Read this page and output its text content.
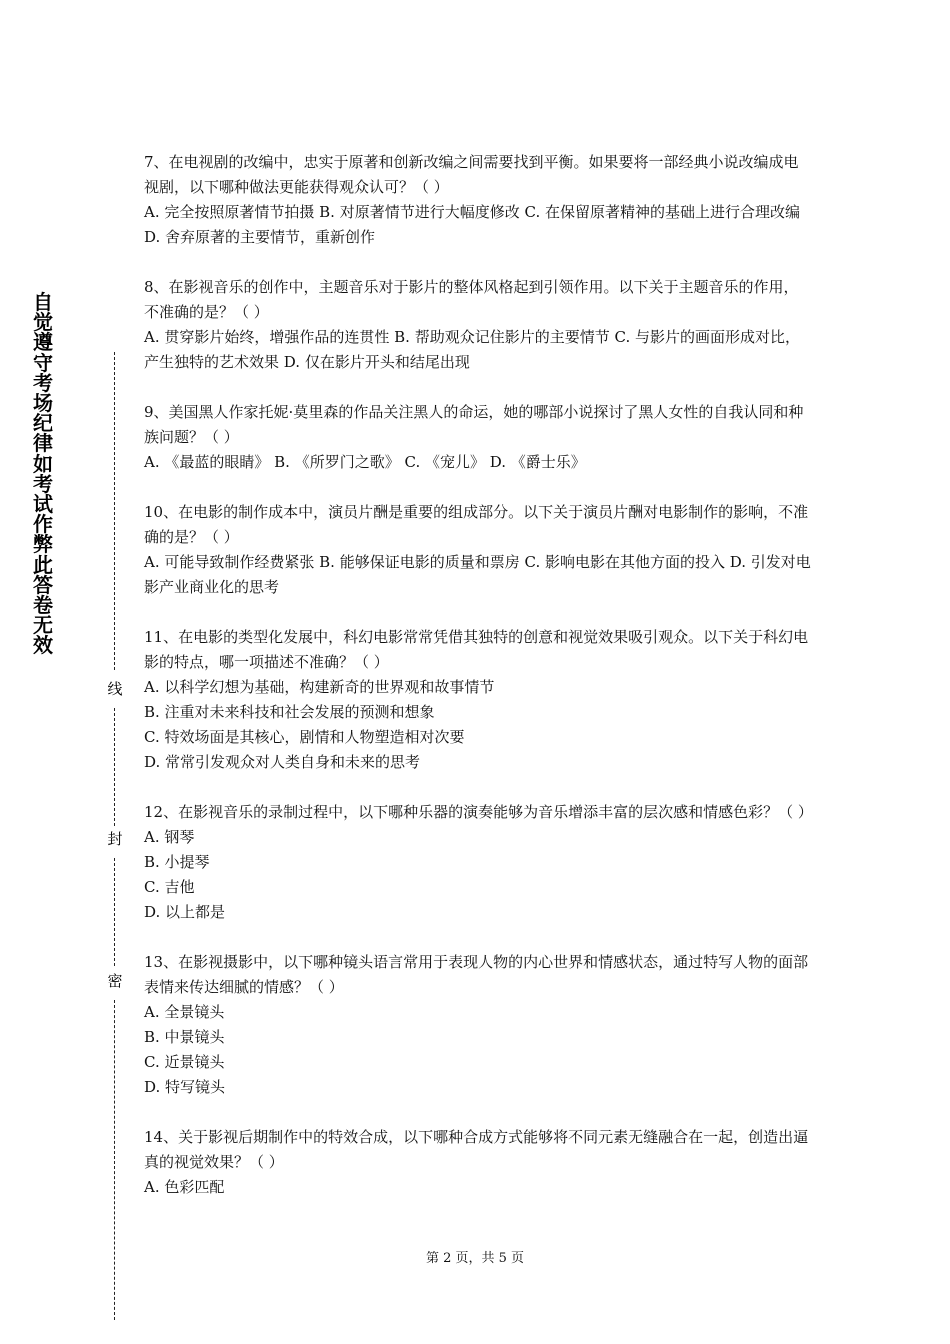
自
觉
遵
守
考
场
纪
律
如
考
试
作
弊
此
答
卷
无
效
线
封
密

7、在电视剧的改编中，忠实于原著和创新改编之间需要找到平衡。如果要将一部经典小说改编成电视剧，以下哪种做法更能获得观众认可？（ ）

A. 完全按照原著情节拍摄 B. 对原著情节进行大幅度修改 C. 在保留原著精神的基础上进行合理改编 D. 舍弃原著的主要情节，重新创作

8、在影视音乐的创作中，主题音乐对于影片的整体风格起到引领作用。以下关于主题音乐的作用，不准确的是？（ ）

A. 贯穿影片始终，增强作品的连贯性 B. 帮助观众记住影片的主要情节 C. 与影片的画面形成对比，产生独特的艺术效果 D. 仅在影片开头和结尾出现

9、美国黑人作家托妮·莫里森的作品关注黑人的命运，她的哪部小说探讨了黑人女性的自我认同和种族问题？（ ）

A. 《最蓝的眼睛》 B. 《所罗门之歌》 C. 《宠儿》 D. 《爵士乐》

10、在电影的制作成本中，演员片酬是重要的组成部分。以下关于演员片酬对电影制作的影响，不准确的是？（ ）

A. 可能导致制作经费紧张 B. 能够保证电影的质量和票房 C. 影响电影在其他方面的投入 D. 引发对电影产业商业化的思考

11、在电影的类型化发展中，科幻电影常常凭借其独特的创意和视觉效果吸引观众。以下关于科幻电影的特点，哪一项描述不准确？（ ）

A. 以科学幻想为基础，构建新奇的世界观和故事情节
B. 注重对未来科技和社会发展的预测和想象
C. 特效场面是其核心，剧情和人物塑造相对次要
D. 常常引发观众对人类自身和未来的思考

12、在影视音乐的录制过程中，以下哪种乐器的演奏能够为音乐增添丰富的层次感和情感色彩？（ ）

A. 钢琴
B. 小提琴
C. 吉他
D. 以上都是

13、在影视摄影中，以下哪种镜头语言常用于表现人物的内心世界和情感状态，通过特写人物的面部表情来传达细腻的情感？（ ）

A. 全景镜头
B. 中景镜头
C. 近景镜头
D. 特写镜头

14、关于影视后期制作中的特效合成，以下哪种合成方式能够将不同元素无缝融合在一起，创造出逼真的视觉效果？（ ）

A. 色彩匹配
第 2 页，共 5 页
